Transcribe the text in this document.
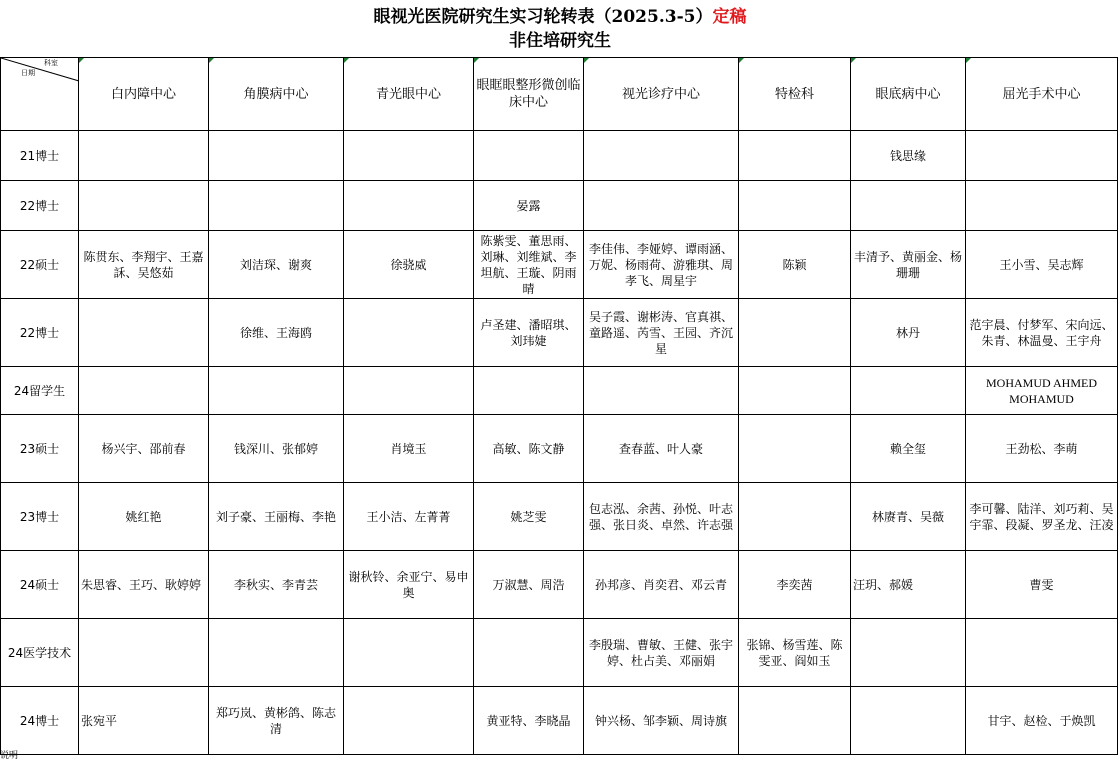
眼视光医院研究生实习轮转表（2025.3-5）定稿
非住培研究生
科室
日期	白内障中心	角膜病中心	青光眼中心	眼眶眼整形微创临床中心	视光诊疗中心	特检科	眼底病中心	屈光手术中心
21博士							钱思缘	
22博士				晏露				
22硕士	陈贯东、李翔宇、王嘉訸、吴悠茹	刘洁琛、谢爽	徐骁威	陈紫雯、董思雨、刘琳、刘维斌、李坦航、王璇、阴雨晴	李佳伟、李娅婷、谭雨涵、万妮、杨雨荷、游雅琪、周孝飞、周星宇	陈颖	丰清予、黄丽金、杨珊珊	王小雪、吴志辉
22博士		徐维、王海鸥		卢圣建、潘昭琪、刘玮婕	吴子霞、谢彬涛、官真祺、童路遥、芮雪、王园、齐沉星		林丹	范宇晨、付梦军、宋向远、朱青、林温曼、王宇舟
24留学生								MOHAMUD AHMED MOHAMUD
23硕士	杨兴宇、邵前春	钱深川、张郁婷	肖境玉	高敏、陈文静	查春蓝、叶人豪		赖全玺	王劲松、李萌
23博士	姚红艳	刘子豪、王丽梅、李艳	王小洁、左菁菁	姚芝雯	包志泓、余茜、孙悦、叶志强、张日炎、卓然、许志强		林赓青、吴薇	李可馨、陆洋、刘巧莉、吴宇霏、段凝、罗圣龙、汪凌
24硕士	朱思睿、王巧、耿婷婷	李秋实、李青芸	谢秋铃、余亚宁、易申奥	万淑慧、周浩	孙邦彦、肖奕君、邓云青	李奕茜	汪玥、郝媛	曹雯
24医学技术					李殷瑞、曹敏、王健、张宇婷、杜占美、邓丽娟	张锦、杨雪莲、陈雯亚、阎如玉		
24博士	张宛平	郑巧岚、黄彬鸽、陈志清		黄亚特、李晓晶	钟兴杨、邹李颖、周诗旗			甘宇、赵检、于焕凯
说明
